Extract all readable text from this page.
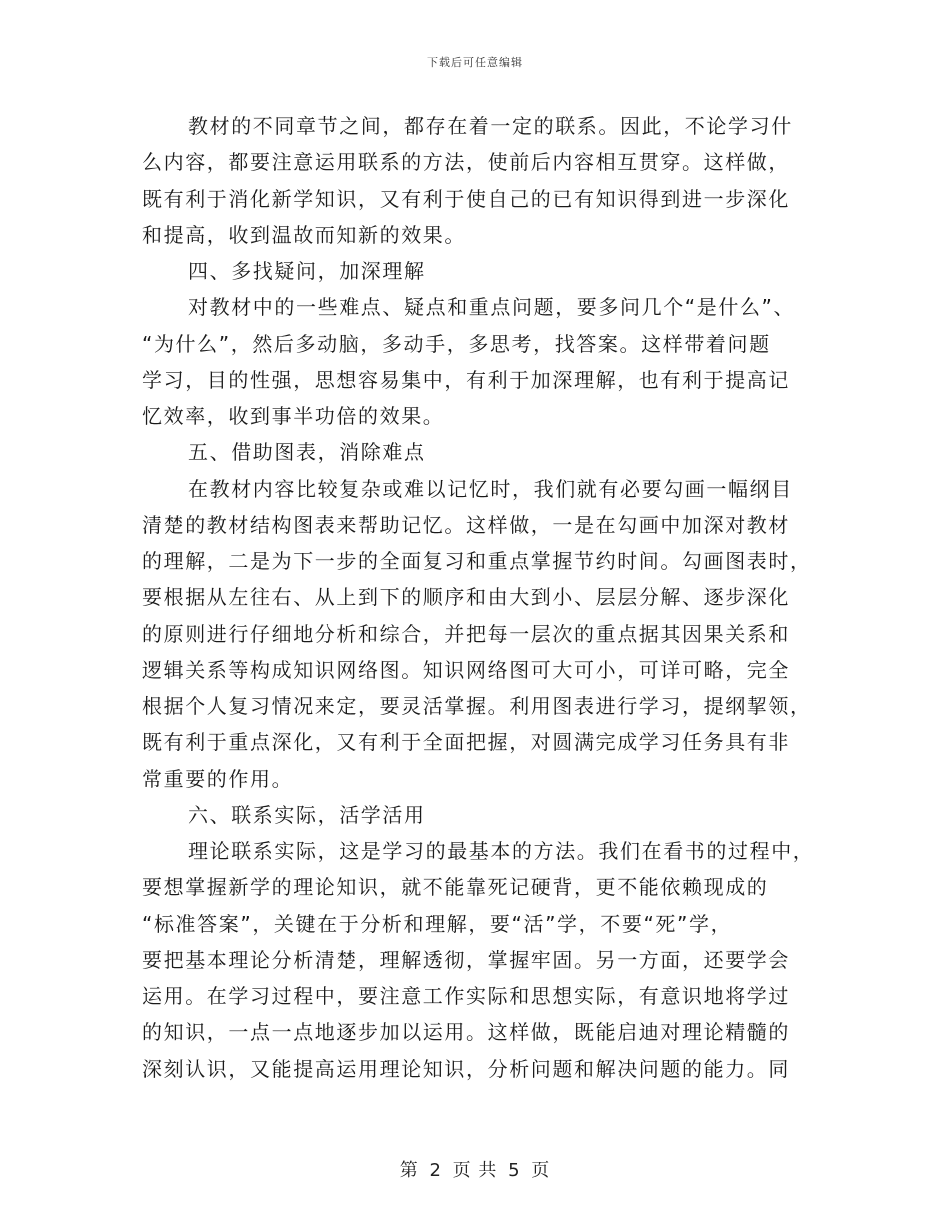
下载后可任意编辑
教材的不同章节之间，都存在着一定的联系。因此，不论学习什
么内容，都要注意运用联系的方法，使前后内容相互贯穿。这样做，
既有利于消化新学知识，又有利于使自己的已有知识得到进一步深化
和提高，收到温故而知新的效果。
四、多找疑问，加深理解
对教材中的一些难点、疑点和重点问题，要多问几个“是什么”、
“为什么”，然后多动脑，多动手，多思考，找答案。这样带着问题
学习，目的性强，思想容易集中，有利于加深理解，也有利于提高记
忆效率，收到事半功倍的效果。
五、借助图表，消除难点
在教材内容比较复杂或难以记忆时，我们就有必要勾画一幅纲目
清楚的教材结构图表来帮助记忆。这样做，一是在勾画中加深对教材
的理解，二是为下一步的全面复习和重点掌握节约时间。勾画图表时，
要根据从左往右、从上到下的顺序和由大到小、层层分解、逐步深化
的原则进行仔细地分析和综合，并把每一层次的重点据其因果关系和
逻辑关系等构成知识网络图。知识网络图可大可小，可详可略，完全
根据个人复习情况来定，要灵活掌握。利用图表进行学习，提纲挈领，
既有利于重点深化，又有利于全面把握，对圆满完成学习任务具有非
常重要的作用。
六、联系实际，活学活用
理论联系实际，这是学习的最基本的方法。我们在看书的过程中，
要想掌握新学的理论知识，就不能靠死记硬背，更不能依赖现成的
“标准答案”，关键在于分析和理解，要“活”学，不要“死”学，
要把基本理论分析清楚，理解透彻，掌握牢固。另一方面，还要学会
运用。在学习过程中，要注意工作实际和思想实际，有意识地将学过
的知识，一点一点地逐步加以运用。这样做，既能启迪对理论精髓的
深刻认识，又能提高运用理论知识，分析问题和解决问题的能力。同
第 2 页 共 5 页
